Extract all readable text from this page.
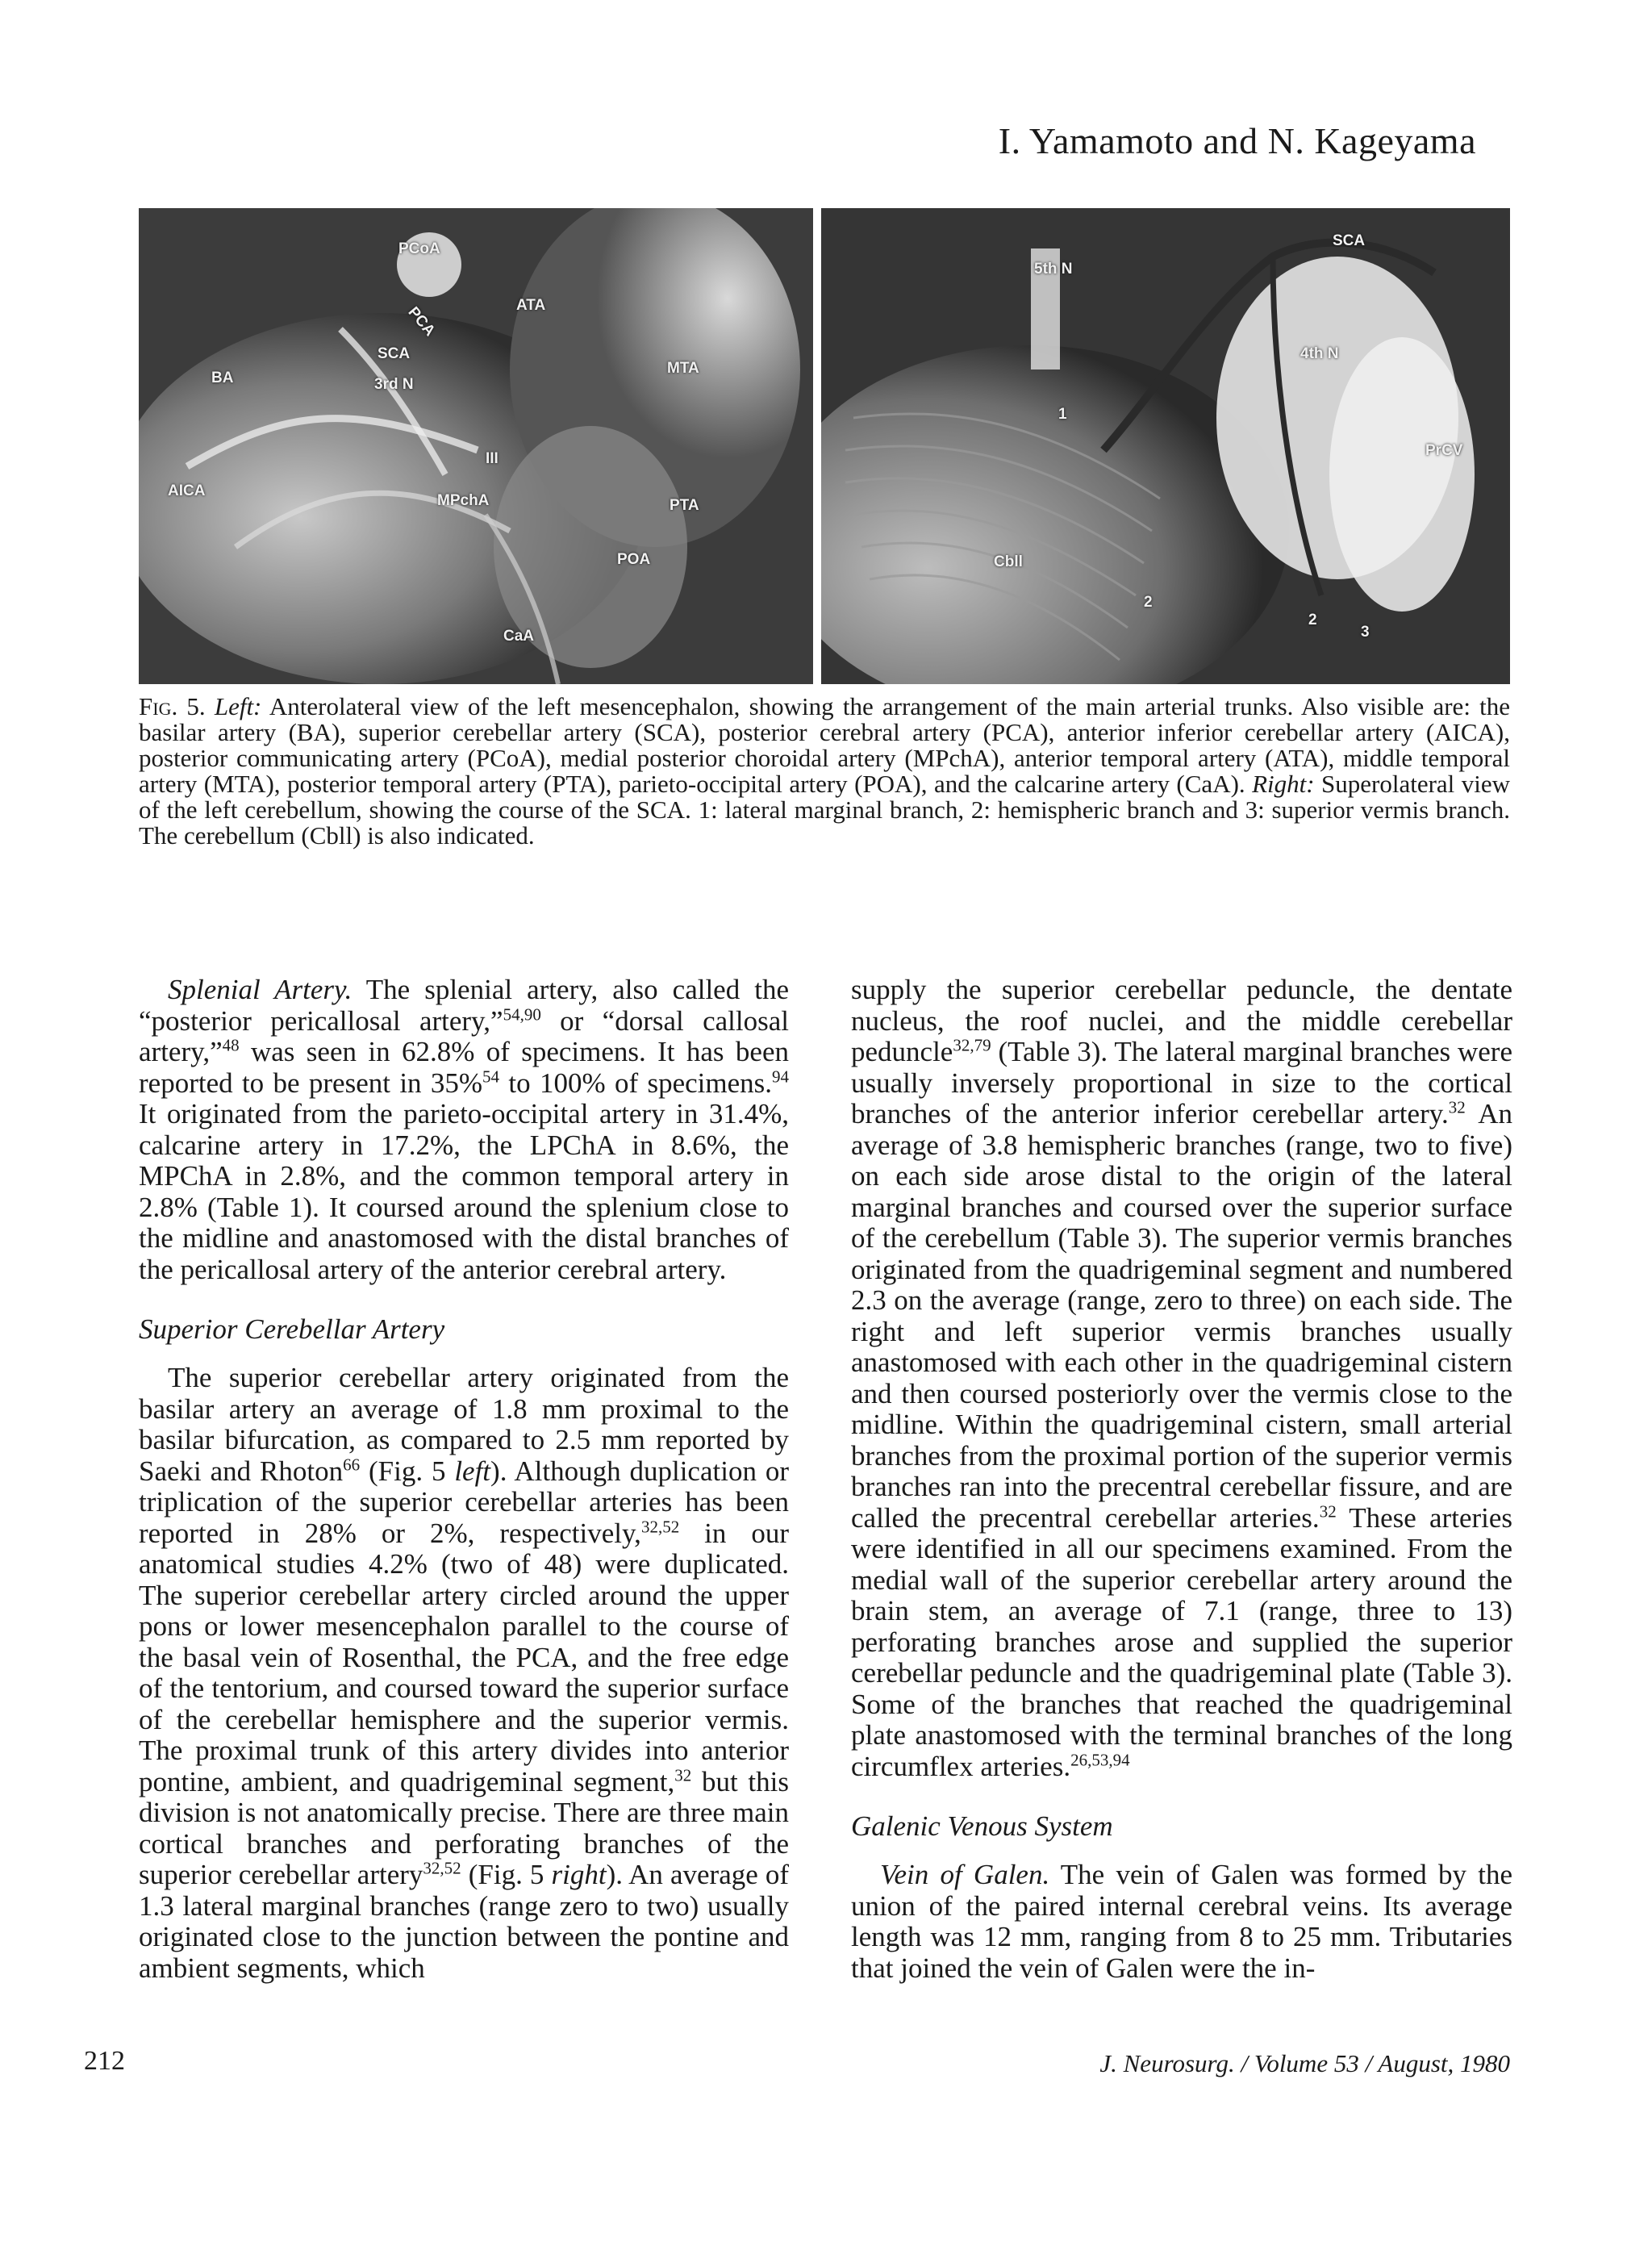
I. Yamamoto and N. Kageyama
PCoA
PCA
SCA
3rd N
BA
ATA
MTA
III
AICA
MPchA	PTA
POA
CaA
5th N
SCA
4th N
1
PrCV
Cbll
2
2
3
Fig. 5. Left: Anterolateral view of the left mesencephalon, showing the arrangement of the main arterial trunks. Also visible are: the basilar artery (BA), superior cerebellar artery (SCA), posterior cerebral artery (PCA), anterior inferior cerebellar artery (AICA), posterior communicating artery (PCoA), medial posterior choroidal artery (MPchA), anterior temporal artery (ATA), middle temporal artery (MTA), posterior temporal artery (PTA), parieto-occipital artery (POA), and the calcarine artery (CaA). Right: Superolateral view of the left cerebellum, showing the course of the SCA. 1: lateral marginal branch, 2: hemispheric branch and 3: superior vermis branch. The cerebellum (Cbll) is also indicated.

Splenial Artery. The splenial artery, also called the “posterior pericallosal artery,”$^{54,90}$ or “dorsal callosal artery,”$^{48}$ was seen in 62.8% of specimens. It has been reported to be present in 35%$^{54}$ to 100% of specimens.$^{94}$ It originated from the parieto-occipital artery in 31.4%, calcarine artery in 17.2%, the LPChA in 8.6%, the MPChA in 2.8%, and the common temporal artery in 2.8% (Table 1). It coursed around the splenium close to the midline and anastomosed with the distal branches of the pericallosal artery of the anterior cerebral artery.

Superior Cerebellar Artery

The superior cerebellar artery originated from the basilar artery an average of 1.8 mm proximal to the basilar bifurcation, as compared to 2.5 mm reported by Saeki and Rhoton$^{66}$ (Fig. 5 left). Although duplication or triplication of the superior cerebellar arteries has been reported in 28% or 2%, respectively,$^{32,52}$ in our anatomical studies 4.2% (two of 48) were duplicated. The superior cerebellar artery circled around the upper pons or lower mesencephalon parallel to the course of the basal vein of Rosenthal, the PCA, and the free edge of the tentorium, and coursed toward the superior surface of the cerebellar hemisphere and the superior vermis. The proximal trunk of this artery divides into anterior pontine, ambient, and quadrigeminal segment,$^{32}$ but this division is not anatomically precise. There are three main cortical branches and perforating branches of the superior cerebellar artery$^{32,52}$ (Fig. 5 right). An average of 1.3 lateral marginal branches (range zero to two) usually originated close to the junction between the pontine and ambient segments, which

supply the superior cerebellar peduncle, the dentate nucleus, the roof nuclei, and the middle cerebellar peduncle$^{32,79}$ (Table 3). The lateral marginal branches were usually inversely proportional in size to the cortical branches of the anterior inferior cerebellar artery.$^{32}$ An average of 3.8 hemispheric branches (range, two to five) on each side arose distal to the origin of the lateral marginal branches and coursed over the superior surface of the cerebellum (Table 3). The superior vermis branches originated from the quadrigeminal segment and numbered 2.3 on the average (range, zero to three) on each side. The right and left superior vermis branches usually anastomosed with each other in the quadrigeminal cistern and then coursed posteriorly over the vermis close to the midline. Within the quadrigeminal cistern, small arterial branches from the proximal portion of the superior vermis branches ran into the precentral cerebellar fissure, and are called the precentral cerebellar arteries.$^{32}$ These arteries were identified in all our specimens examined. From the medial wall of the superior cerebellar artery around the brain stem, an average of 7.1 (range, three to 13) perforating branches arose and supplied the superior cerebellar peduncle and the quadrigeminal plate (Table 3). Some of the branches that reached the quadrigeminal plate anastomosed with the terminal branches of the long circumflex arteries.$^{26,53,94}$

Galenic Venous System

Vein of Galen. The vein of Galen was formed by the union of the paired internal cerebral veins. Its average length was 12 mm, ranging from 8 to 25 mm. Tributaries that joined the vein of Galen were the in-

212	J. Neurosurg. / Volume 53 / August, 1980
